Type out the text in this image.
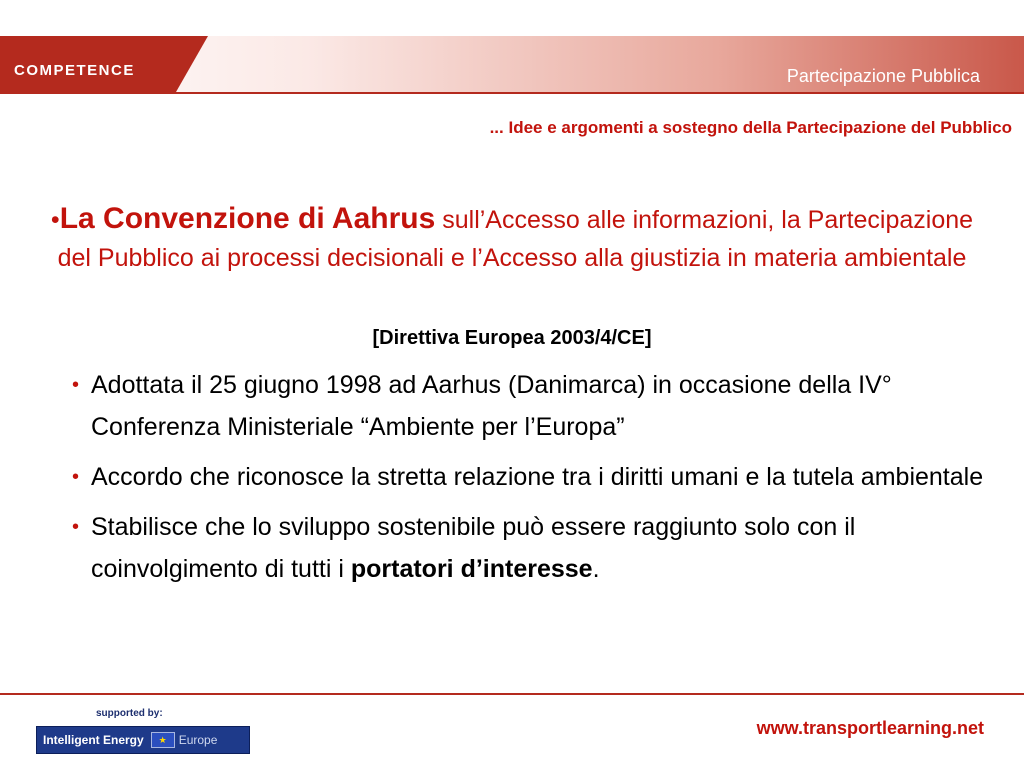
COMPETENCE	Partecipazione Pubblica
... Idee e argomenti a sostegno della Partecipazione del Pubblico
•La Convenzione di Aahrus sull’Accesso alle informazioni, la Partecipazione del Pubblico ai processi decisionali e l’Accesso alla giustizia in materia ambientale
[Direttiva Europea 2003/4/CE]
• Adottata il 25 giugno 1998 ad Aarhus (Danimarca) in occasione della IV° Conferenza Ministeriale “Ambiente per l’Europa”
• Accordo che riconosce la stretta relazione tra i diritti umani e la tutela ambientale
• Stabilisce che lo sviluppo sostenibile può essere raggiunto solo con il coinvolgimento di tutti i portatori d’interesse.
supported by:
Intelligent Energy	★ Europe
www.transportlearning.net
